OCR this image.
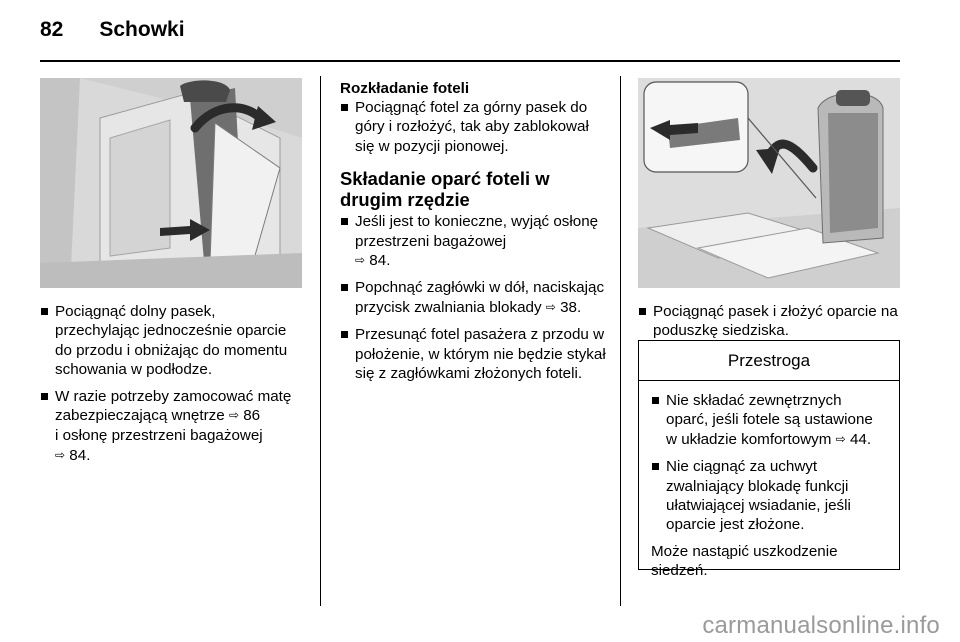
82 Schowki
Pociągnąć dolny pasek, przechylając jednocześnie oparcie do przodu i obniżając do momentu schowania w podłodze.
W razie potrzeby zamocować matę zabezpieczającą wnętrze ⇨ 86
i osłonę przestrzeni bagażowej
⇨ 84.
Rozkładanie foteli
Pociągnąć fotel za górny pasek do góry i rozłożyć, tak aby zablokował się w pozycji pionowej.
Składanie oparć foteli w drugim rzędzie
Jeśli jest to konieczne, wyjąć osłonę przestrzeni bagażowej
⇨ 84.
Popchnąć zagłówki w dół, naciskając przycisk zwalniania blokady ⇨ 38.
Przesunąć fotel pasażera z przodu w położenie, w którym nie będzie stykał się z zagłówkami złożonych foteli.
Pociągnąć pasek i złożyć oparcie na poduszkę siedziska.
Przestroga
Nie składać zewnętrznych oparć, jeśli fotele są ustawione w układzie komfortowym ⇨ 44.
Nie ciągnąć za uchwyt zwalniający blokadę funkcji ułatwiającej wsiadanie, jeśli oparcie jest złożone.
Może nastąpić uszkodzenie siedzeń.
carmanualsonline.info
